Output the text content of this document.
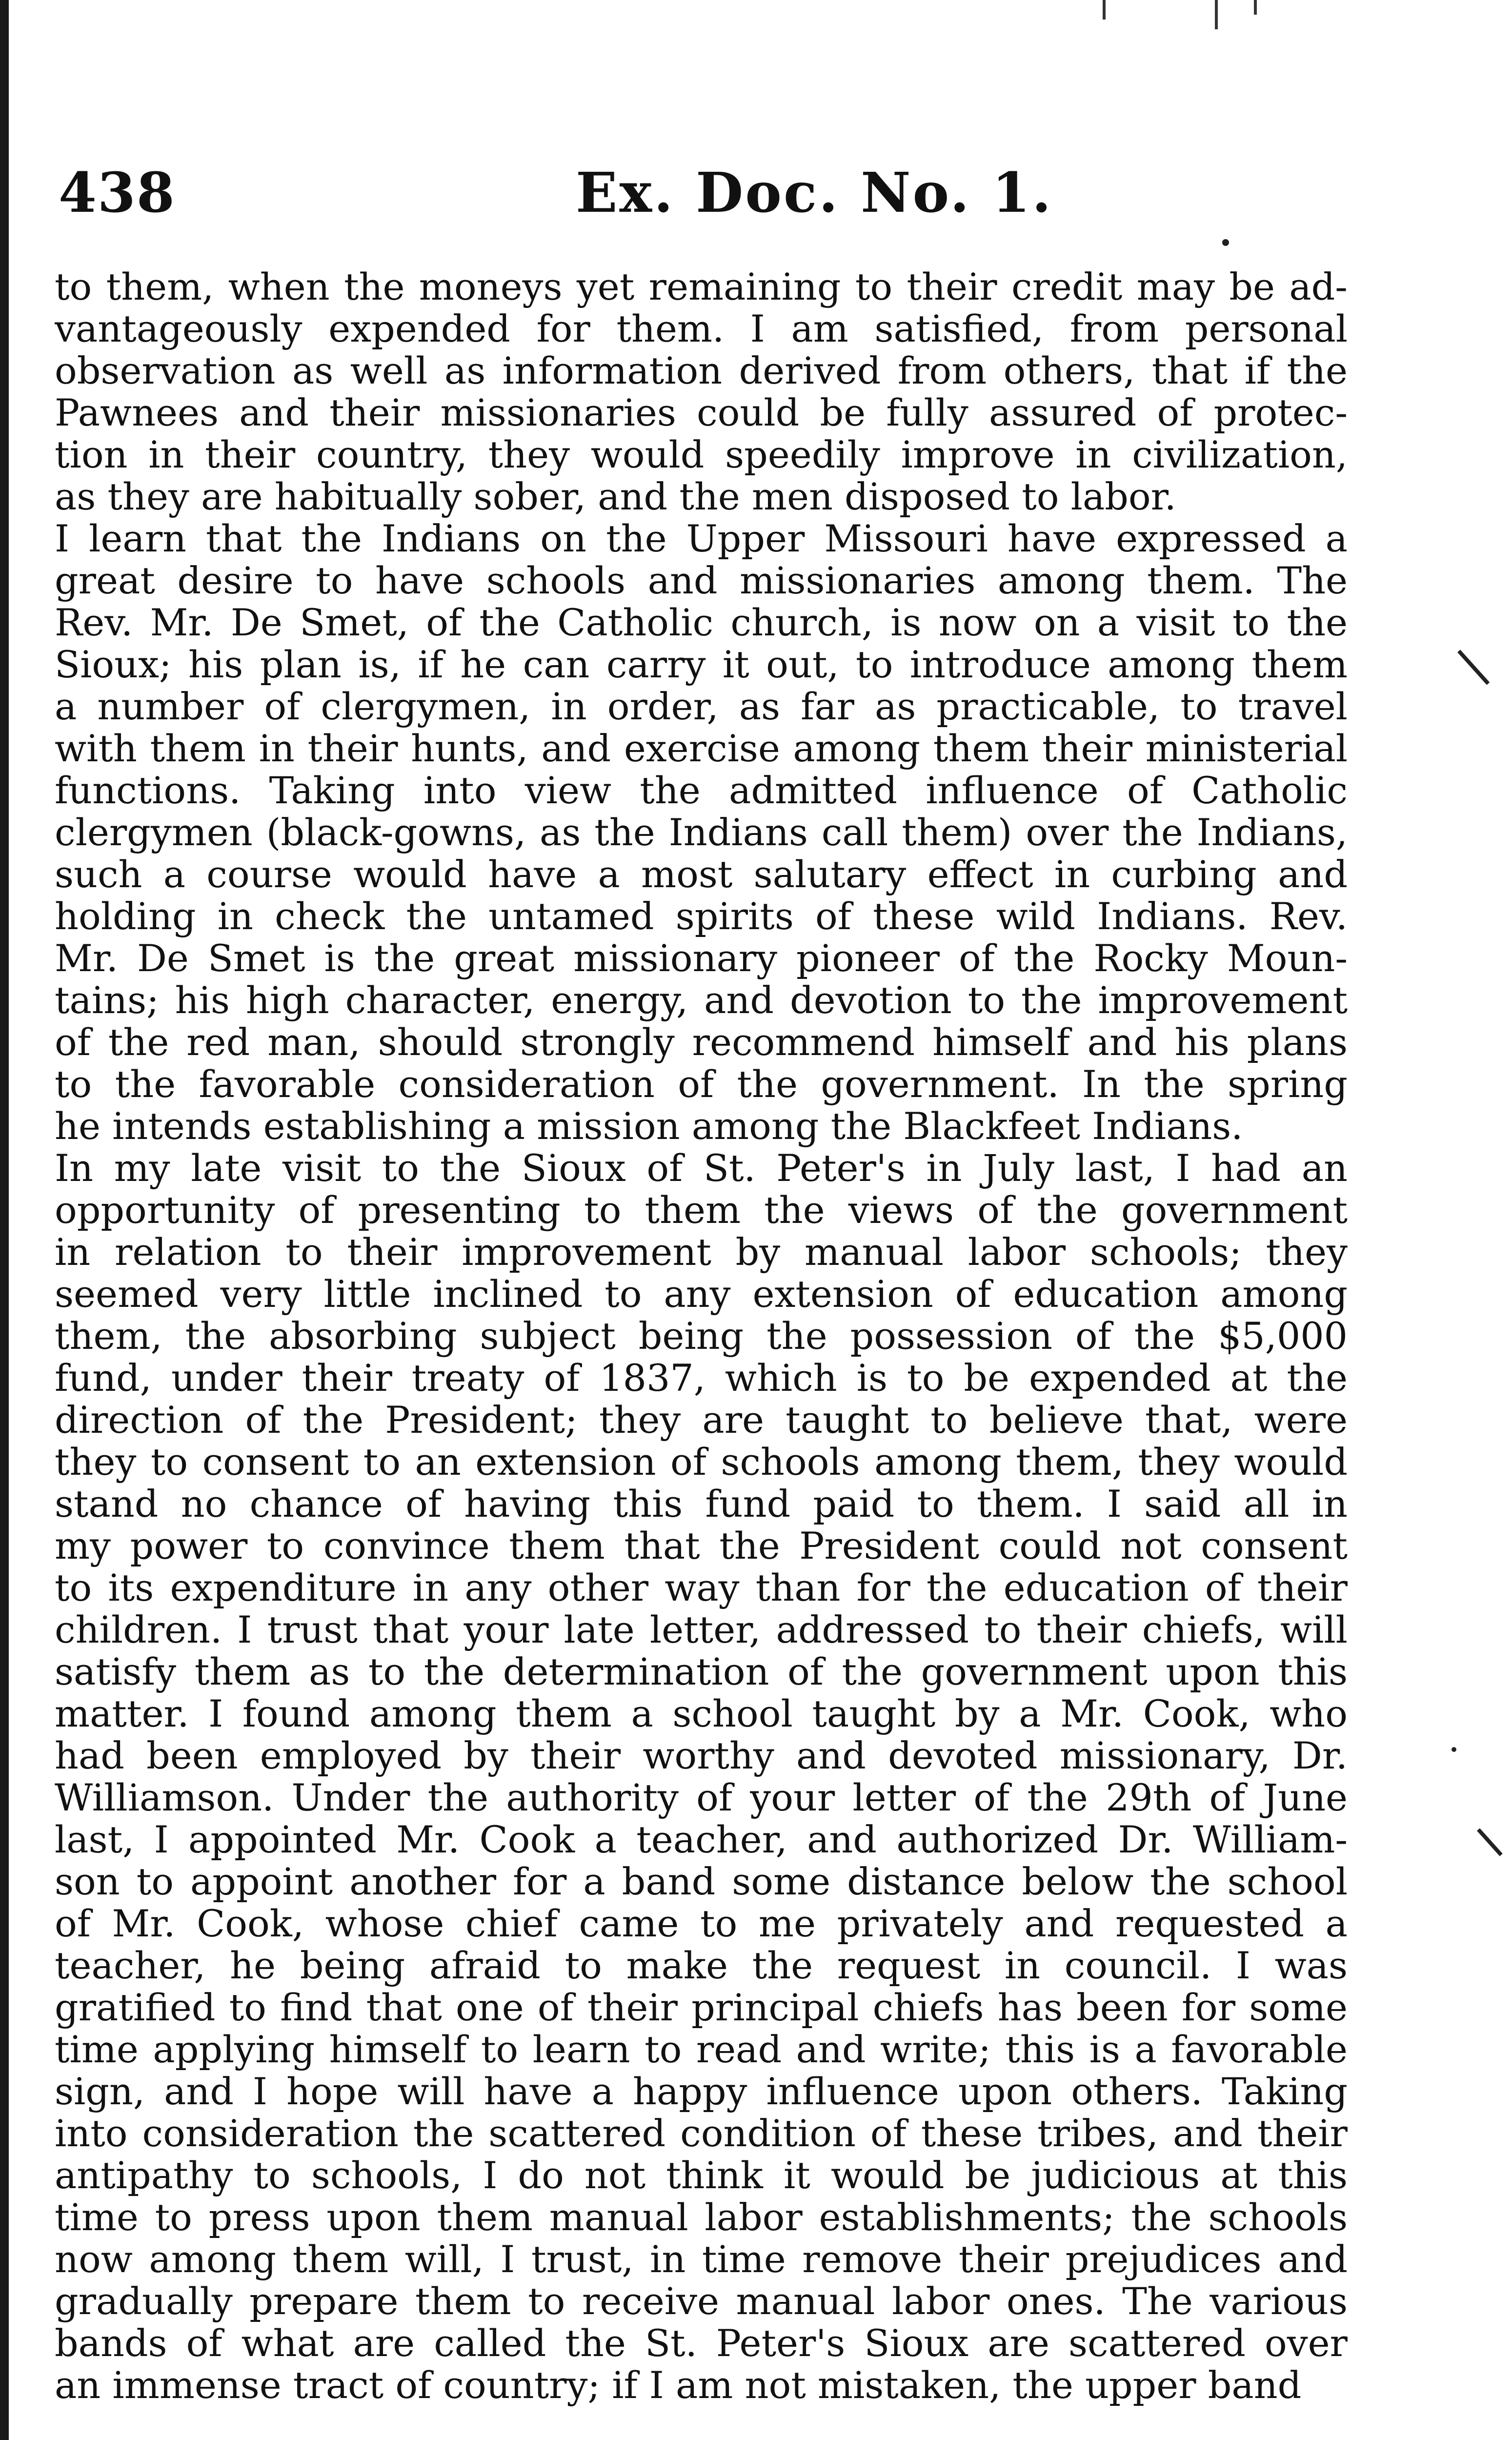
438	Ex. Doc. No. 1.
to them, when the moneys yet remaining to their credit may be ad-
vantageously expended for them. I am satisfied, from personal
observation as well as information derived from others, that if the
Pawnees and their missionaries could be fully assured of protec-
tion in their country, they would speedily improve in civilization,
as they are habitually sober, and the men disposed to labor.
I learn that the Indians on the Upper Missouri have expressed a
great desire to have schools and missionaries among them. The
Rev. Mr. De Smet, of the Catholic church, is now on a visit to the
Sioux; his plan is, if he can carry it out, to introduce among them
a number of clergymen, in order, as far as practicable, to travel
with them in their hunts, and exercise among them their ministerial
functions. Taking into view the admitted influence of Catholic
clergymen (black-gowns, as the Indians call them) over the Indians,
such a course would have a most salutary effect in curbing and
holding in check the untamed spirits of these wild Indians. Rev.
Mr. De Smet is the great missionary pioneer of the Rocky Moun-
tains; his high character, energy, and devotion to the improvement
of the red man, should strongly recommend himself and his plans
to the favorable consideration of the government. In the spring
he intends establishing a mission among the Blackfeet Indians.
In my late visit to the Sioux of St. Peter's in July last, I had an
opportunity of presenting to them the views of the government
in relation to their improvement by manual labor schools; they
seemed very little inclined to any extension of education among
them, the absorbing subject being the possession of the $5,000
fund, under their treaty of 1837, which is to be expended at the
direction of the President; they are taught to believe that, were
they to consent to an extension of schools among them, they would
stand no chance of having this fund paid to them. I said all in
my power to convince them that the President could not consent
to its expenditure in any other way than for the education of their
children. I trust that your late letter, addressed to their chiefs, will
satisfy them as to the determination of the government upon this
matter. I found among them a school taught by a Mr. Cook, who
had been employed by their worthy and devoted missionary, Dr.
Williamson. Under the authority of your letter of the 29th of June
last, I appointed Mr. Cook a teacher, and authorized Dr. William-
son to appoint another for a band some distance below the school
of Mr. Cook, whose chief came to me privately and requested a
teacher, he being afraid to make the request in council. I was
gratified to find that one of their principal chiefs has been for some
time applying himself to learn to read and write; this is a favorable
sign, and I hope will have a happy influence upon others. Taking
into consideration the scattered condition of these tribes, and their
antipathy to schools, I do not think it would be judicious at this
time to press upon them manual labor establishments; the schools
now among them will, I trust, in time remove their prejudices and
gradually prepare them to receive manual labor ones. The various
bands of what are called the St. Peter's Sioux are scattered over
an immense tract of country; if I am not mistaken, the upper band
